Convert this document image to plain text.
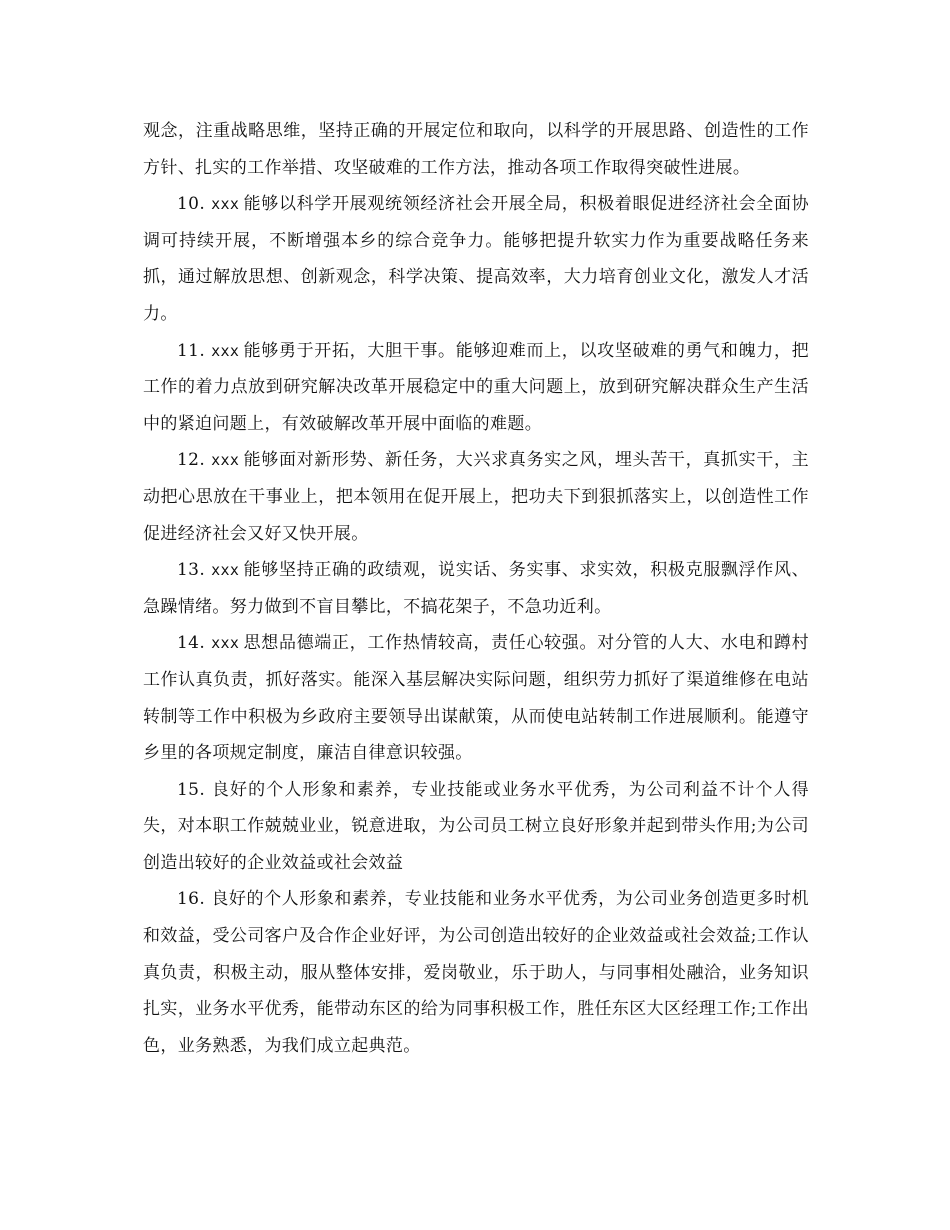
观念，注重战略思维，坚持正确的开展定位和取向，以科学的开展思路、创造性的工作方针、扎实的工作举措、攻坚破难的工作方法，推动各项工作取得突破性进展。

10. xxx 能够以科学开展观统领经济社会开展全局，积极着眼促进经济社会全面协调可持续开展，不断增强本乡的综合竞争力。能够把提升软实力作为重要战略任务来抓，通过解放思想、创新观念，科学决策、提高效率，大力培育创业文化，激发人才活力。

11. xxx 能够勇于开拓，大胆干事。能够迎难而上，以攻坚破难的勇气和魄力，把工作的着力点放到研究解决改革开展稳定中的重大问题上，放到研究解决群众生产生活中的紧迫问题上，有效破解改革开展中面临的难题。

12. xxx 能够面对新形势、新任务，大兴求真务实之风，埋头苦干，真抓实干，主动把心思放在干事业上，把本领用在促开展上，把功夫下到狠抓落实上，以创造性工作促进经济社会又好又快开展。

13. xxx 能够坚持正确的政绩观，说实话、务实事、求实效，积极克服飘浮作风、急躁情绪。努力做到不盲目攀比，不搞花架子，不急功近利。

14. xxx 思想品德端正，工作热情较高，责任心较强。对分管的人大、水电和蹲村工作认真负责，抓好落实。能深入基层解决实际问题，组织劳力抓好了渠道维修在电站转制等工作中积极为乡政府主要领导出谋献策，从而使电站转制工作进展顺利。能遵守乡里的各项规定制度，廉洁自律意识较强。

15. 良好的个人形象和素养，专业技能或业务水平优秀，为公司利益不计个人得失，对本职工作兢兢业业，锐意进取，为公司员工树立良好形象并起到带头作用;为公司创造出较好的企业效益或社会效益

16. 良好的个人形象和素养，专业技能和业务水平优秀，为公司业务创造更多时机和效益，受公司客户及合作企业好评，为公司创造出较好的企业效益或社会效益;工作认真负责，积极主动，服从整体安排，爱岗敬业，乐于助人，与同事相处融洽，业务知识扎实，业务水平优秀，能带动东区的给为同事积极工作，胜任东区大区经理工作;工作出色，业务熟悉，为我们成立起典范。
